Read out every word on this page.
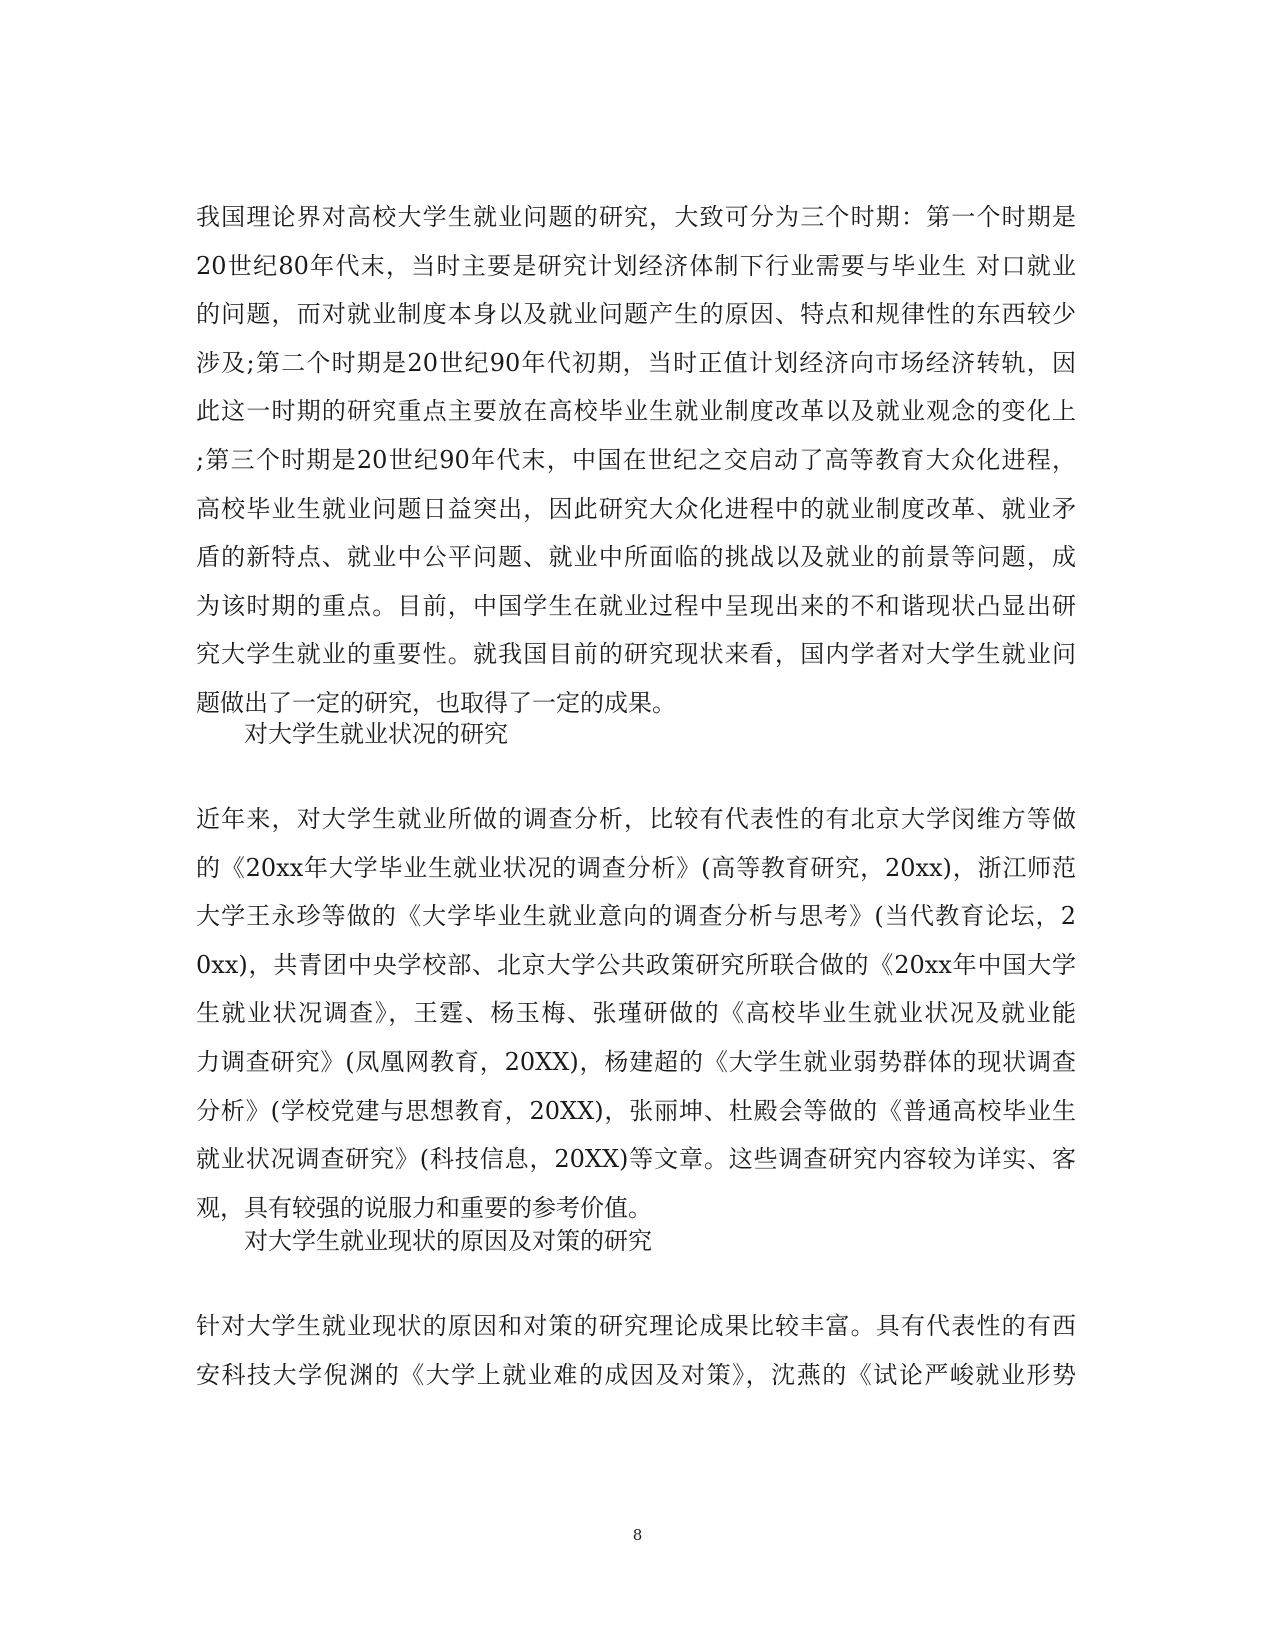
我国理论界对高校大学生就业问题的研究，大致可分为三个时期：第一个时期是
20世纪80年代末，当时主要是研究计划经济体制下行业需要与毕业生 对口就业
的问题，而对就业制度本身以及就业问题产生的原因、特点和规律性的东西较少
涉及;第二个时期是20世纪90年代初期，当时正值计划经济向市场经济转轨，因
此这一时期的研究重点主要放在高校毕业生就业制度改革以及就业观念的变化上
;第三个时期是20世纪90年代末，中国在世纪之交启动了高等教育大众化进程，
高校毕业生就业问题日益突出，因此研究大众化进程中的就业制度改革、就业矛
盾的新特点、就业中公平问题、就业中所面临的挑战以及就业的前景等问题，成
为该时期的重点。目前，中国学生在就业过程中呈现出来的不和谐现状凸显出研
究大学生就业的重要性。就我国目前的研究现状来看，国内学者对大学生就业问
题做出了一定的研究，也取得了一定的成果。
对大学生就业状况的研究
近年来，对大学生就业所做的调查分析，比较有代表性的有北京大学闵维方等做
的《20xx年大学毕业生就业状况的调查分析》(高等教育研究，20xx)，浙江师范
大学王永珍等做的《大学毕业生就业意向的调查分析与思考》(当代教育论坛，2
0xx)，共青团中央学校部、北京大学公共政策研究所联合做的《20xx年中国大学
生就业状况调查》，王霆、杨玉梅、张瑾研做的《高校毕业生就业状况及就业能
力调查研究》(凤凰网教育，20XX)，杨建超的《大学生就业弱势群体的现状调查
分析》(学校党建与思想教育，20XX)，张丽坤、杜殿会等做的《普通高校毕业生
就业状况调查研究》(科技信息，20XX)等文章。这些调查研究内容较为详实、客
观，具有较强的说服力和重要的参考价值。
对大学生就业现状的原因及对策的研究
针对大学生就业现状的原因和对策的研究理论成果比较丰富。具有代表性的有西
安科技大学倪渊的《大学上就业难的成因及对策》，沈燕的《试论严峻就业形势
8
